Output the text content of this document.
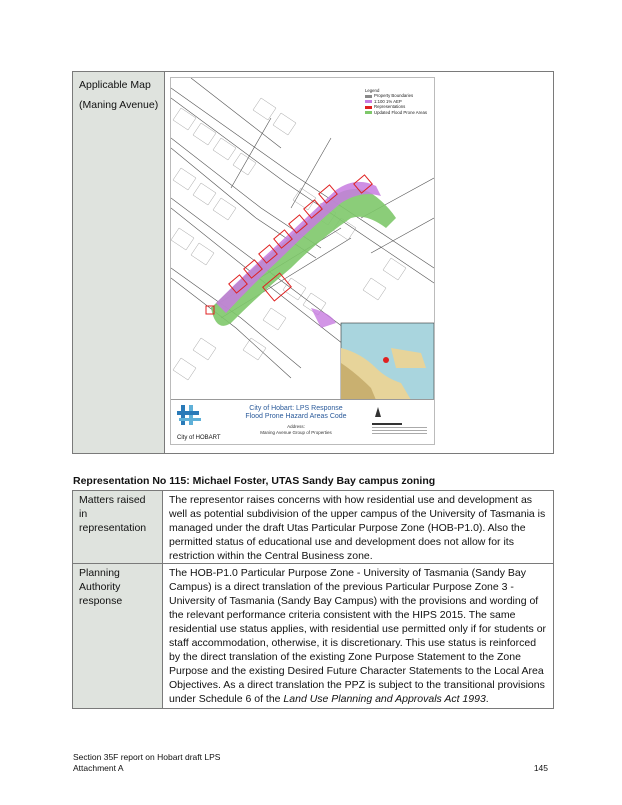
Applicable Map
(Maning Avenue)
Legend
Property Boundaries
1:100 1% AEP
Representations
Updated Flood Prone Areas
City of HOBART
City of Hobart: LPS Response
Flood Prone Hazard Areas Code
Address:
Maning Avenue Group of Properties
Representation No 115: Michael Foster, UTAS Sandy Bay campus zoning
Matters raised in representation
The representor raises concerns with how residential use and development as well as potential subdivision of the upper campus of the University of Tasmania is managed under the draft Utas Particular Purpose Zone (HOB-P1.0). Also the permitted status of educational use and development does not allow for its restriction within the Central Business zone.
Planning Authority response
The HOB-P1.0 Particular Purpose Zone - University of Tasmania (Sandy Bay Campus) is a direct translation of the previous Particular Purpose Zone 3 - University of Tasmania (Sandy Bay Campus) with the provisions and wording of the relevant performance criteria consistent with the HIPS 2015. The same residential use status applies, with residential use permitted only if for students or staff accommodation, otherwise, it is discretionary. This use status is reinforced by the direct translation of the existing Zone Purpose Statement to the Zone Purpose and the existing Desired Future Character Statements to the Local Area Objectives. As a direct translation the PPZ is subject to the transitional provisions under Schedule 6 of the Land Use Planning and Approvals Act 1993.
Section 35F report on Hobart draft LPS
Attachment A	145
